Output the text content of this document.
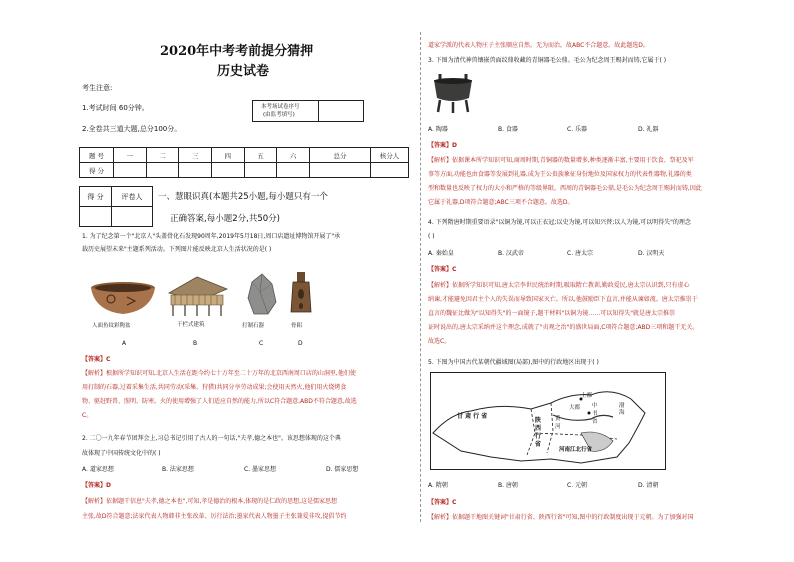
2020年中考考前提分猜押
历史试卷
考生注意:
1.考试时间 60分钟。
2.全卷共三道大题,总分100分。
本考场试卷序号
(由监考填写)
题 号	一	二	三	四	五	六	总分	核分人
得 分								
得 分	评卷人
	一、慧眼识真(本题共25小题,每小题只有一个
正确答案,每小题2分,共50分)
1. 为了纪念第一个"北京人"头盖骨化石发现90周年,2019年5月18日,周口店遗址博物馆开展了"承
载历史展望未来"主题系列活动。下列图片能反映北京人生活状况的是( )
人面鱼纹彩陶盆
A
干栏式建筑
B
打制石器
C
骨耜
D
【答案】C
【解析】根据所学知识可知,北京人生活在距今约七十万年至二十万年的北京西南周口店的山洞里,他们使
用打制的石器,过着采集生活,共同劳动(采集、狩猎)共同分享劳动成果;会使用天然火,他们用火烧烤食
物、驱赶野兽、照明、防寒。火的使用增强了人们适应自然的能力,所以C符合题意,ABD不符合题意,故选
C。
2. 二〇一九年春节团拜会上,习总书记引用了古人的一句话,"夫孝,德之本也"。该思想体现的这个典
故体现了中国传统文化中的( )
A. 道家思想	B. 法家思想	C. 墨家思想	D. 儒家思想
【答案】D
【解析】依据题干信息"夫孝,德之本也",可知,孝是德治的根本,体现的是仁政的思想,这是儒家思想
主张,故D符合题意;法家代表人物韩非主张改革、厉行法治;墨家代表人物墨子主张兼爱非攻,提倡节约
道家学派的代表人物庄子主张顺应自然。无为而治。故ABC不合题意。故此题选D。
3. 下图为清代神兽镶嵌兽面纹鼎收藏的青铜器毛公鼎。毛公为纪念周王赐封而铸,它属于( )
A. 陶器	B. 食器	C. 乐器	D. 礼器
【答案】D
【解析】依据课本所学知识可知,商周时期,青铜器的数量增多,种类逐渐丰富,主要用于饮食、祭祀及军
事等方面,功能也由食器等发展到礼器,成为王公贵族象征身份地位及国家权力的代表性器物,礼器的类
型和数量也反映了权力的大小和严格的等级界限。西周的青铜器毛公鼎,是毛公为纪念周王赐封而铸,因此
它属于礼器,D项符合题意;ABC三项不合题意。故选D。
4. 下列隋唐时期重要语录"以铜为镜,可以正衣冠;以史为镜,可以知兴替;以人为镜,可以明得失"的理念
( )
A. 秦始皇	B. 汉武帝	C. 唐太宗	D. 汉明天
【答案】C
【解析】依据所学知识可知,唐太宗李世民统治时期,吸取隋亡教训,勤政爱民,唐太宗认识到,只有虚心
纳谏,才能避免因君主个人的失误而导致国家灭亡。所以,他鼓励臣下直言,并能从谏如流。唐太宗推崇于
直言的魏征比做为"以知得失"的一面镜子,题干材料"以铜为镜……可以知得失"就是唐太宗推崇
证时说出的,唐太宗采纳并这个理念,成就了"贞观之治"的盛世局面,C项符合题意;ABD三项和题干无关。
故选C。
5. 下图为中国古代某朝代疆域图(局部),图中的行政地区出现于( )
甘 肃 行 省
上都
大都 中
书
省
渤海
陕西行省
黄 河
河南江北行省
A. 隋朝	B. 唐朝	C. 元朝	D. 清朝
【答案】C
【解析】依据题干地图关键词"甘肃行省、陕西行省"可知,图中的行政制度出现于元朝。为了加强对国
